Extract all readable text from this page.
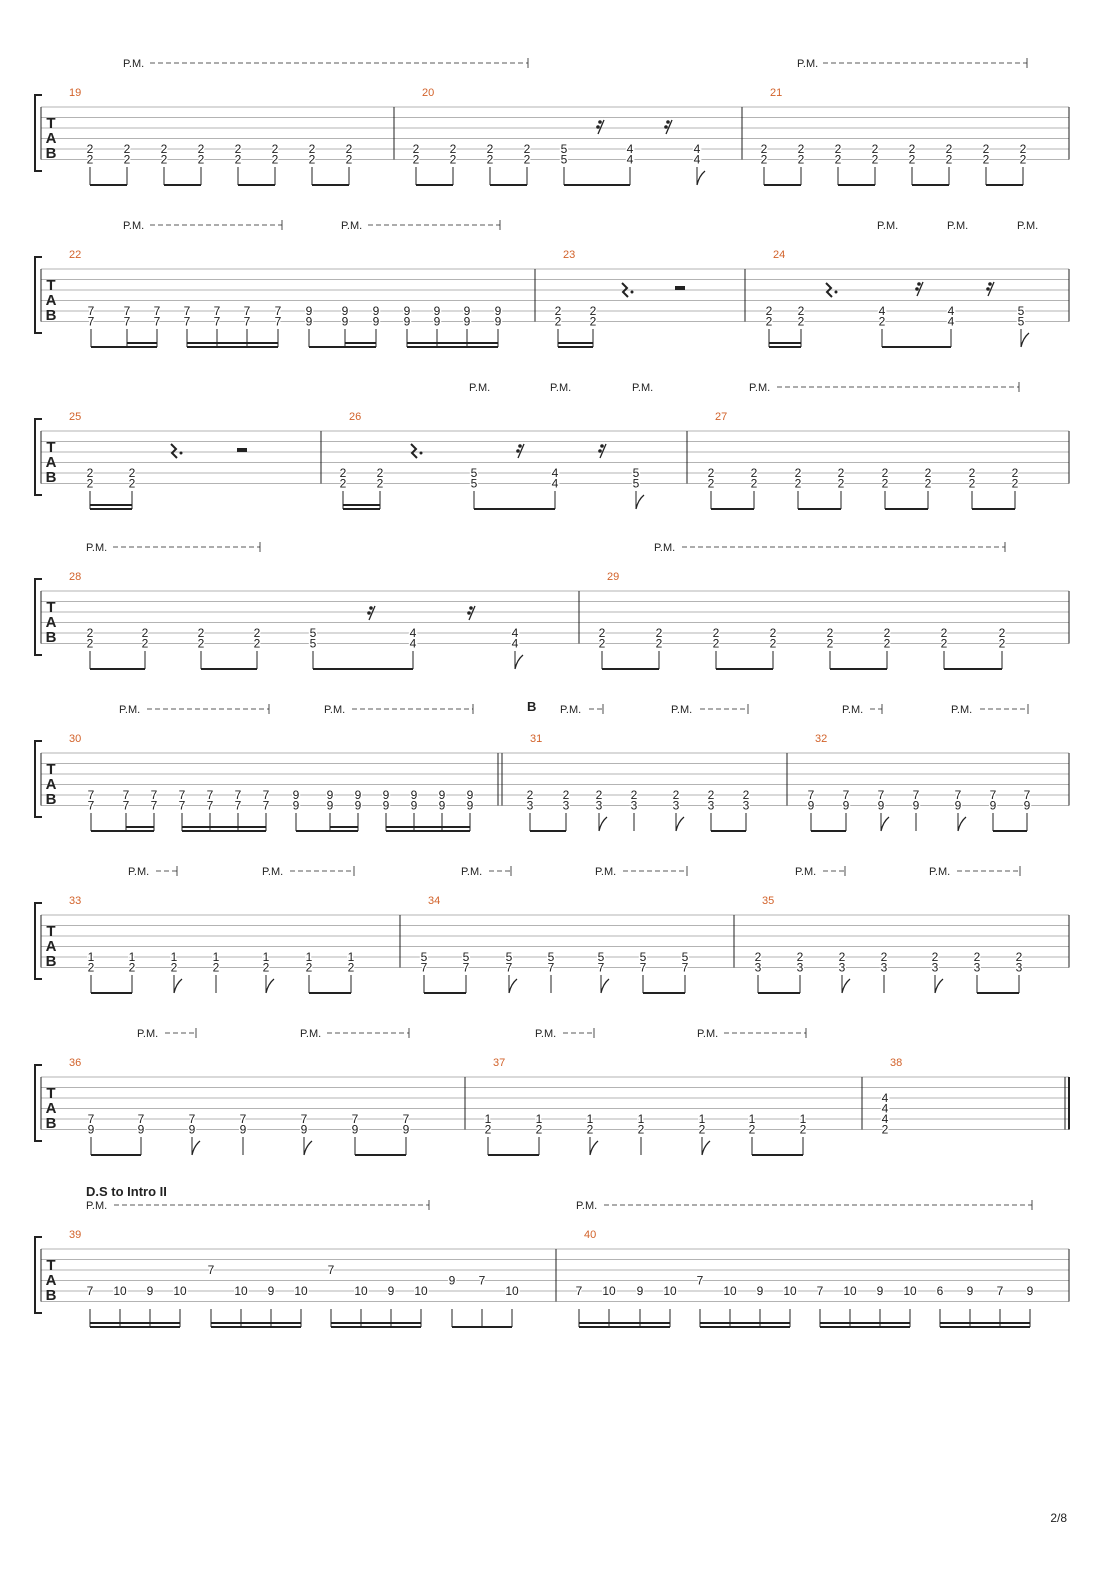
T
A
B
19
2
2
2
2
2
2
2
2
2
2
2
2
2
2
2
2
20
2
2
2
2
2
2
2
2
5
5
4
4
4
4
21
2
2
2
2
2
2
2
2
2
2
2
2
2
2
2
2
P.M.	P.M.
T
A
B
22
7
7
7
7
7
7
7
7
7
7
7
7
7
7
9
9
9
9
9
9
9
9
9
9
9
9
9
9
23
2
2
2
2
24
2
2
2
2
4
2
4
4
5
5
P.M.	P.M.	P.M.	P.M.	P.M.
T
A
B
25
2
2
2
2
26
2
2
2
2
5
5
4
4
5
5
27
2
2
2
2
2
2
2
2
2
2
2
2
2
2
2
2
P.M.	P.M.	P.M.	P.M.
T
A
B
28
2
2
2
2
2
2
2
2
5
5
4
4
4
4
29
2
2
2
2
2
2
2
2
2
2
2
2
2
2
2
2
P.M.	P.M.
T
A
B
30
7
7
7
7
7
7
7
7
7
7
7
7
7
7
9
9
9
9
9
9
9
9
9
9
9
9
9
9
31
2
3
2
3
2
3
2
3
2
3
2
3
2
3
32
7
9
7
9
7
9
7
9
7
9
7
9
7
9
P.M.	P.M.	P.M.	P.M.	P.M.	P.M.
T
A
B
33
1
2
1
2
1
2
1
2
1
2
1
2
1
2
34
5
7
5
7
5
7
5
7
5
7
5
7
5
7
35
2
3
2
3
2
3
2
3
2
3
2
3
2
3
P.M.	P.M.	P.M.	P.M.	P.M.	P.M.
T
A
B
36
7
9
7
9
7
9
7
9
7
9
7
9
7
9
37
1
2
1
2
1
2
1
2
1
2
1
2
1
2
38
4
4
4
2
P.M.	P.M.	P.M.	P.M.
T
A
B
39
7 10 9 10
7
10 9 10
7
10 9 10
9 7
10
40
7 10 9 10
7
10 9 10 7 10 9 10 6 9 7 9
P.M.	P.M.
B
D.S to Intro II
2/8
